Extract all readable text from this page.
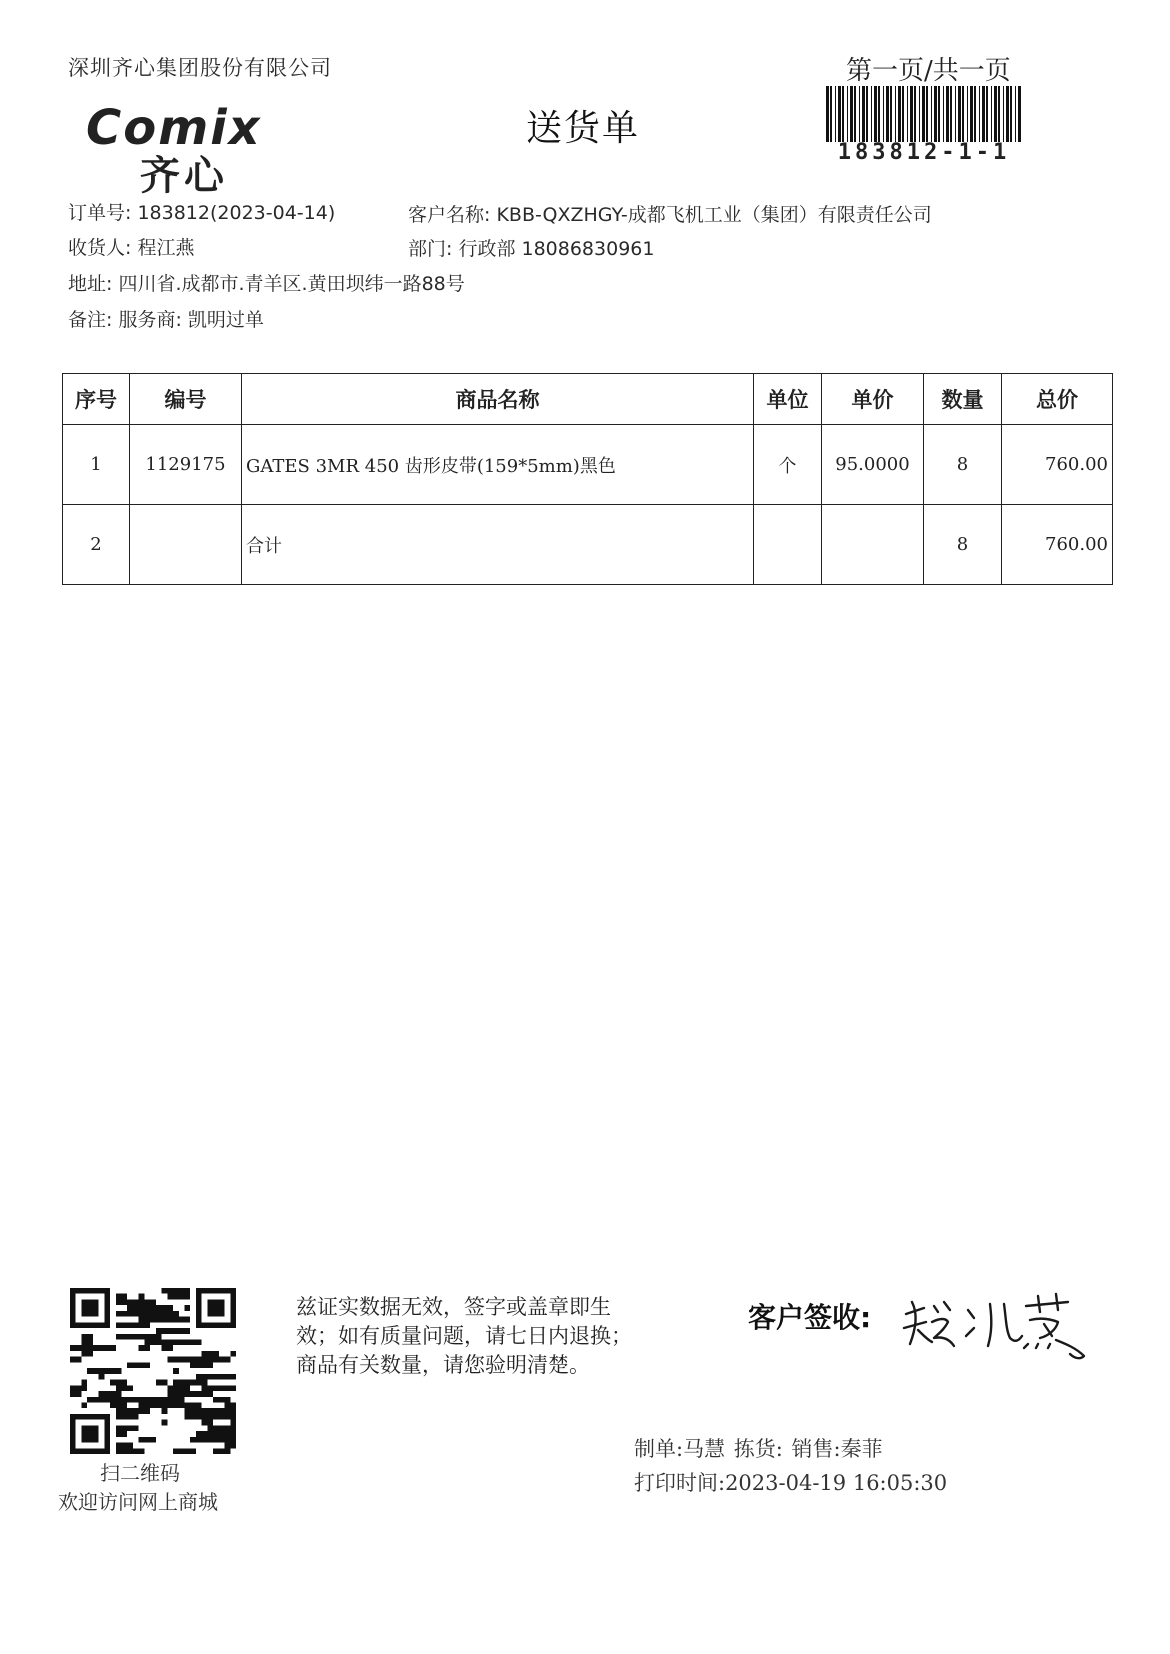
深圳齐心集团股份有限公司	第一页/共一页
送货单
Comix
齐心
183812-1-1
订单号: 183812(2023-04-14)	客户名称: KBB-QXZHGY-成都飞机工业（集团）有限责任公司
收货人: 程江燕	部门: 行政部 18086830961
地址: 四川省.成都市.青羊区.黄田坝纬一路88号
备注: 服务商: 凯明过单
序号	编号	商品名称	单位	单价	数量	总价
1	1129175	GATES 3MR 450 齿形皮带(159*5mm)黑色	个	95.0000	8	760.00
2		合计			8	760.00
扫二维码
欢迎访问网上商城
兹证实数据无效，签字或盖章即生
效；如有质量问题，请七日内退换；
商品有关数量，请您验明清楚。
客户签收:
制单:马慧 拣货: 销售:秦菲
打印时间:2023-04-19 16:05:30
